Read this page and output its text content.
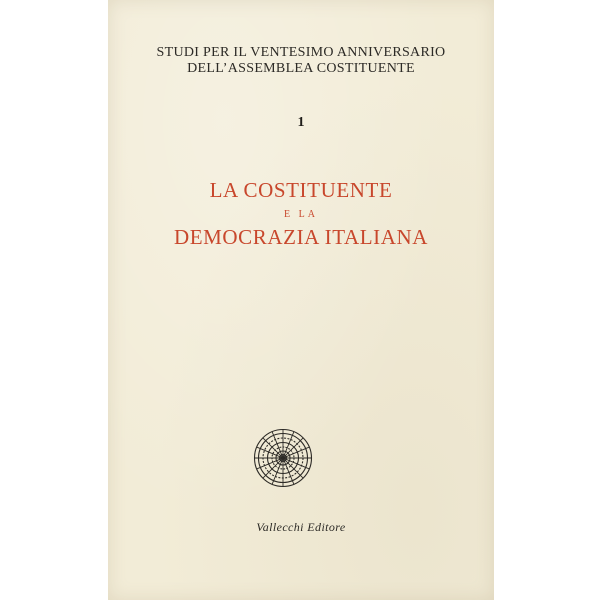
STUDI PER IL VENTESIMO ANNIVERSARIO
DELL’ASSEMBLEA COSTITUENTE
1
LA COSTITUENTE
E LA
DEMOCRAZIA ITALIANA
Vallecchi Editore
